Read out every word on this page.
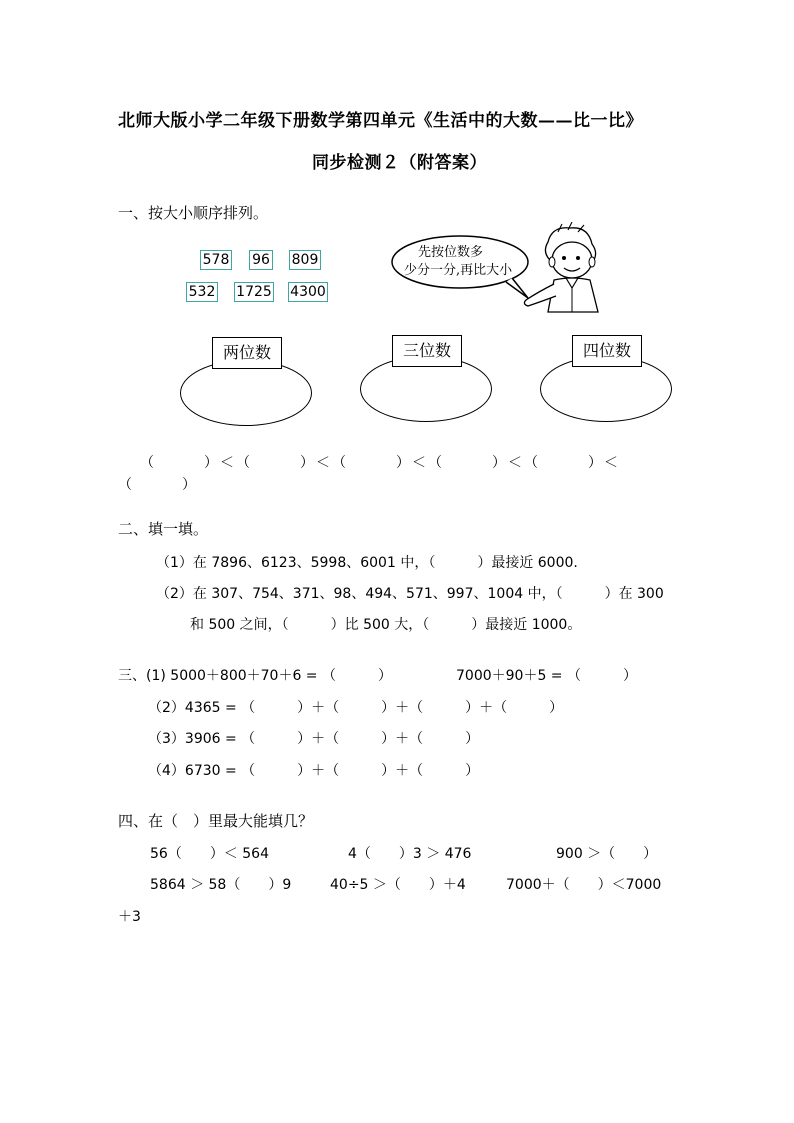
北师大版小学二年级下册数学第四单元《生活中的大数——比一比》
同步检测２（附答案）
一、按大小顺序排列。
578 96 809
532 1725 4300
先按位数多
少分一分,再比大小
两位数	三位数	四位数
（　　　）＜（　　　）＜（　　　）＜（　　　）＜（　　　）＜
（　　　）
二、填一填。
（1）在 7896、6123、5998、6001 中，（　　　）最接近 6000.
（2）在 307、754、371、98、494、571、997、1004 中，（　　　）在 300
和 500 之间，（　　　）比 500 大，（　　　）最接近 1000。
三、(1) 5000＋800＋70＋6 = （　　　）	7000＋90＋5 = （　　　）
（2）4365 = （　　　）＋（　　　）＋（　　　）＋（　　　）
（3）3906 = （　　　）＋（　　　）＋（　　　）
（4）6730 = （　　　）＋（　　　）＋（　　　）
四、在（　）里最大能填几？
56（　　）＜ 564	4（　　）3 ＞ 476	900 ＞（　　）
5864 ＞ 58（　　）9	40÷5 ＞（　　）＋4	7000＋（　　）＜7000
＋3
